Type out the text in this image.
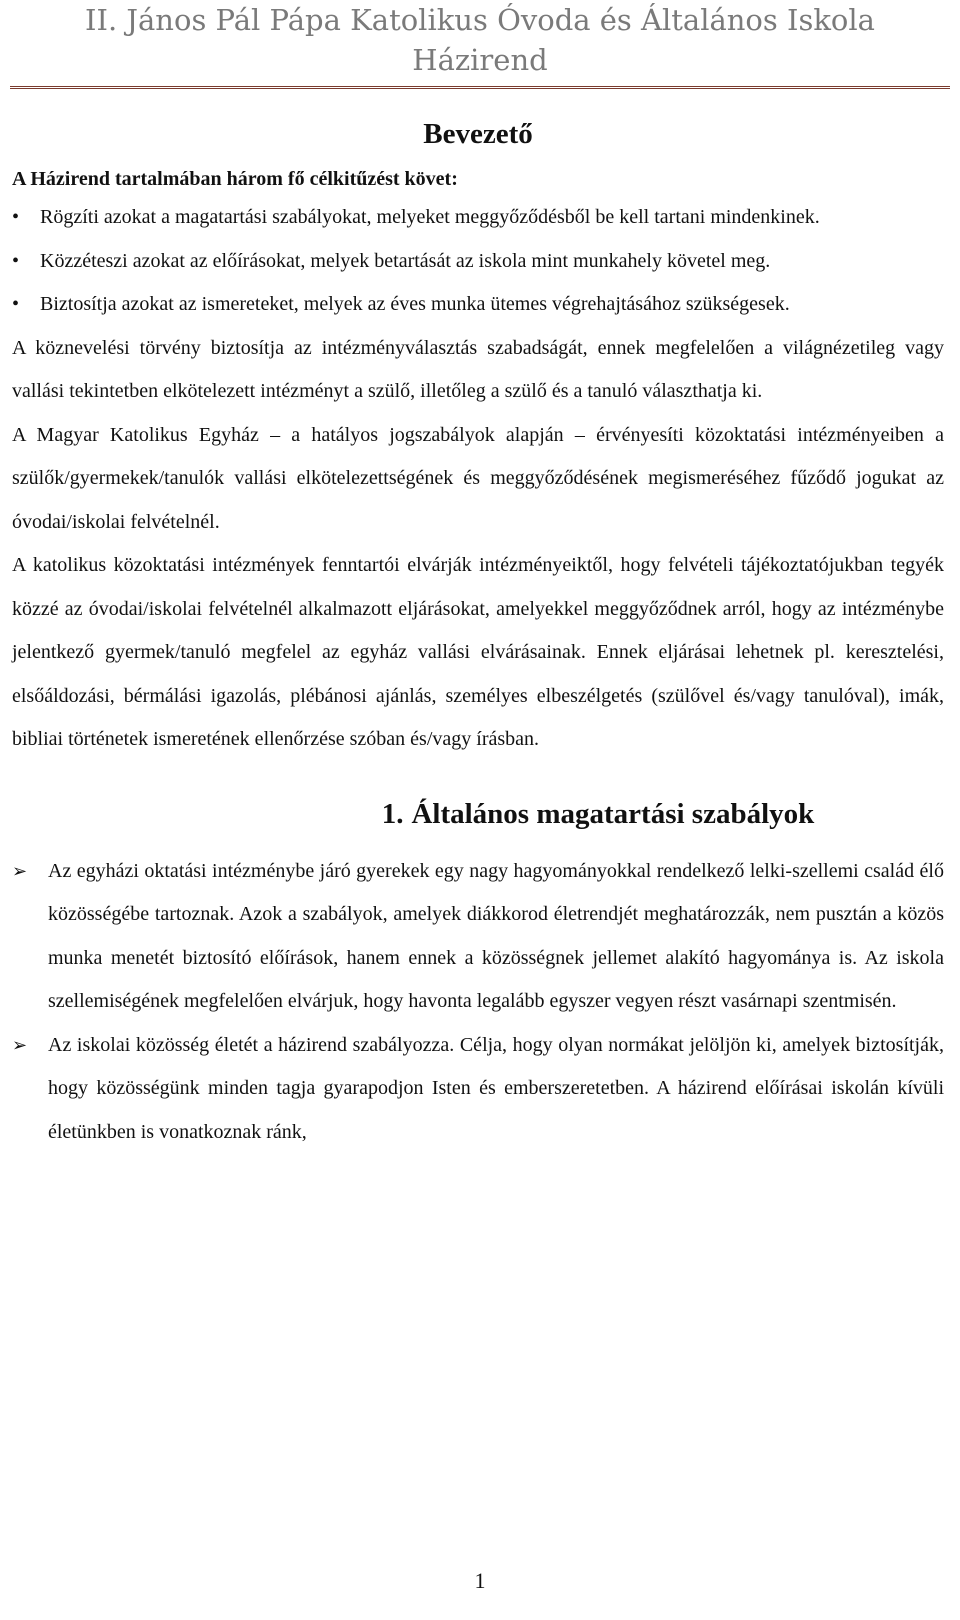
II. János Pál Pápa Katolikus Óvoda és Általános Iskola
Házirend
Bevezető
A Házirend tartalmában három fő célkitűzést követ:
• Rögzíti azokat a magatartási szabályokat, melyeket meggyőződésből be kell tartani mindenkinek.
• Közzéteszi azokat az előírásokat, melyek betartását az iskola mint munkahely követel meg.
• Biztosítja azokat az ismereteket, melyek az éves munka ütemes végrehajtásához szükségesek.

A köznevelési törvény biztosítja az intézményválasztás szabadságát, ennek megfelelően a világnézetileg vagy vallási tekintetben elkötelezett intézményt a szülő, illetőleg a szülő és a tanuló választhatja ki.

A Magyar Katolikus Egyház – a hatályos jogszabályok alapján – érvényesíti közoktatási intézményeiben a szülők/gyermekek/tanulók vallási elkötelezettségének és meggyőződésének megismeréséhez fűződő jogukat az óvodai/iskolai felvételnél.

A katolikus közoktatási intézmények fenntartói elvárják intézményeiktől, hogy felvételi tájékoztatójukban tegyék közzé az óvodai/iskolai felvételnél alkalmazott eljárásokat, amelyekkel meggyőződnek arról, hogy az intézménybe jelentkező gyermek/tanuló megfelel az egyház vallási elvárásainak. Ennek eljárásai lehetnek pl. keresztelési, elsőáldozási, bérmálási igazolás, plébánosi ajánlás, személyes elbeszélgetés (szülővel és/vagy tanulóval), imák, bibliai történetek ismeretének ellenőrzése szóban és/vagy írásban.

1. Általános magatartási szabályok
➢ Az egyházi oktatási intézménybe járó gyerekek egy nagy hagyományokkal rendelkező lelki-szellemi család élő közösségébe tartoznak. Azok a szabályok, amelyek diákkorod életrendjét meghatározzák, nem pusztán a közös munka menetét biztosító előírások, hanem ennek a közösségnek jellemet alakító hagyománya is. Az iskola szellemiségének megfelelően elvárjuk, hogy havonta legalább egyszer vegyen részt vasárnapi szentmisén.
➢ Az iskolai közösség életét a házirend szabályozza. Célja, hogy olyan normákat jelöljön ki, amelyek biztosítják, hogy közösségünk minden tagja gyarapodjon Isten és emberszeretetben. A házirend előírásai iskolán kívüli életünkben is vonatkoznak ránk,
1
